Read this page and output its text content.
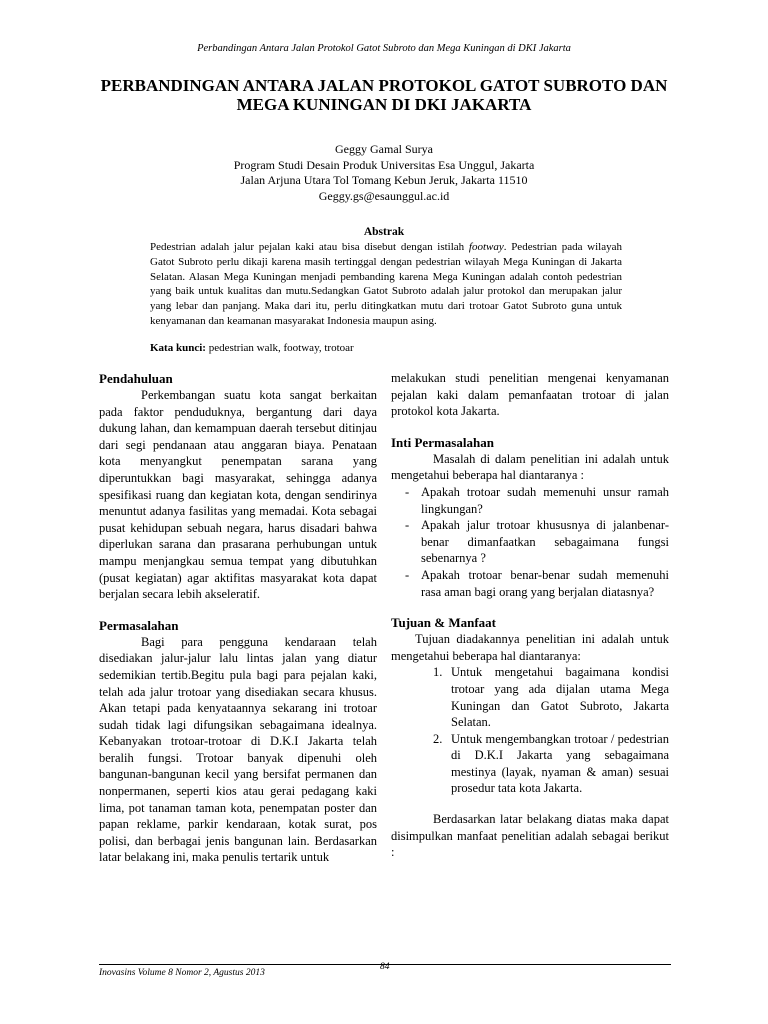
Perbandingan Antara Jalan Protokol Gatot Subroto dan Mega Kuningan di DKI Jakarta
PERBANDINGAN ANTARA JALAN PROTOKOL GATOT SUBROTO DAN
MEGA KUNINGAN DI DKI JAKARTA
Geggy Gamal Surya
Program Studi Desain Produk Universitas Esa Unggul, Jakarta
Jalan Arjuna Utara Tol Tomang Kebun Jeruk, Jakarta 11510
Geggy.gs@esaunggul.ac.id
Abstrak

Pedestrian adalah jalur pejalan kaki atau bisa disebut dengan istilah footway. Pedestrian pada wilayah Gatot Subroto perlu dikaji karena masih tertinggal dengan pedestrian wilayah Mega Kuningan di Jakarta Selatan. Alasan Mega Kuningan menjadi pembanding karena Mega Kuningan adalah contoh pedestrian yang baik untuk kualitas dan mutu.Sedangkan Gatot Subroto adalah jalur protokol dan merupakan jalur yang lebar dan panjang. Maka dari itu, perlu ditingkatkan mutu dari trotoar Gatot Subroto guna untuk kenyamanan dan keamanan masyarakat Indonesia maupun asing.

Kata kunci: pedestrian walk, footway, trotoar
Pendahuluan

Perkembangan suatu kota sangat berkaitan pada faktor penduduknya, bergantung dari daya dukung lahan, dan kemampuan daerah tersebut ditinjau dari segi pendanaan atau anggaran biaya. Penataan kota menyangkut penempatan sarana yang diperuntukkan bagi masyarakat, sehingga adanya spesifikasi ruang dan kegiatan kota, dengan sendirinya menuntut adanya fasilitas yang memadai. Kota sebagai pusat kehidupan sebuah negara, harus disadari bahwa diperlukan sarana dan prasarana perhubungan untuk mampu menjangkau semua tempat yang dibutuhkan (pusat kegiatan) agar aktifitas masyarakat kota dapat berjalan secara lebih akseleratif.

Permasalahan

Bagi para pengguna kendaraan telah disediakan jalur-jalur lalu lintas jalan yang diatur sedemikian tertib.Begitu pula bagi para pejalan kaki, telah ada jalur trotoar yang disediakan secara khusus. Akan tetapi pada kenyataannya sekarang ini trotoar sudah tidak lagi difungsikan sebagaimana idealnya. Kebanyakan trotoar-trotoar di D.K.I Jakarta telah beralih fungsi. Trotoar banyak dipenuhi oleh bangunan-bangunan kecil yang bersifat permanen dan nonpermanen, seperti kios atau gerai pedagang kaki lima, pot tanaman taman kota, penempatan poster dan papan reklame, parkir kendaraan, kotak surat, pos polisi, dan berbagai jenis bangunan lain. Berdasarkan latar belakang ini, maka penulis tertarik untuk

melakukan studi penelitian mengenai kenyamanan pejalan kaki dalam pemanfaatan trotoar di jalan protokol kota Jakarta.

Inti Permasalahan

Masalah di dalam penelitian ini adalah untuk mengetahui beberapa hal diantaranya :

- Apakah trotoar sudah memenuhi unsur ramah lingkungan?
- Apakah jalur trotoar khususnya di jalanbenar-benar dimanfaatkan sebagaimana fungsi sebenarnya ?
- Apakah trotoar benar-benar sudah memenuhi rasa aman bagi orang yang berjalan diatasnya?
Tujuan & Manfaat

Tujuan diadakannya penelitian ini adalah untuk mengetahui beberapa hal diantaranya:

1. Untuk mengetahui bagaimana kondisi trotoar yang ada dijalan utama Mega Kuningan dan Gatot Subroto, Jakarta Selatan.
2. Untuk mengembangkan trotoar / pedestrian di D.K.I Jakarta yang sebagaimana mestinya (layak, nyaman & aman) sesuai prosedur tata kota Jakarta.

Berdasarkan latar belakang diatas maka dapat disimpulkan manfaat penelitian adalah sebagai berikut :

Inovasins Volume 8 Nomor 2, Agustus 2013
84
